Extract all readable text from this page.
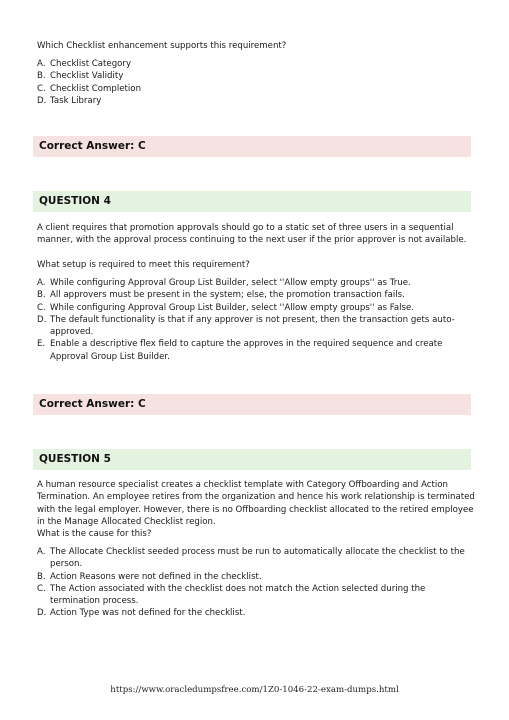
Which Checklist enhancement supports this requirement?

A. Checklist Category
B. Checklist Validity
C. Checklist Completion
D. Task Library
Correct Answer: C
QUESTION 4

A client requires that promotion approvals should go to a static set of three users in a sequential manner, with the approval process continuing to the next user if the prior approver is not available.

What setup is required to meet this requirement?

A. While configuring Approval Group List Builder, select ''Allow empty groups'' as True.
B. All approvers must be present in the system; else, the promotion transaction fails.
C. While configuring Approval Group List Builder, select ''Allow empty groups'' as False.
D. The default functionality is that if any approver is not present, then the transaction gets auto-approved.
E. Enable a descriptive flex field to capture the approves in the required sequence and create Approval Group List Builder.
Correct Answer: C
QUESTION 5

A human resource specialist creates a checklist template with Category Offboarding and Action Termination. An employee retires from the organization and hence his work relationship is terminated with the legal employer. However, there is no Offboarding checklist allocated to the retired employee in the Manage Allocated Checklist region.

What is the cause for this?

A. The Allocate Checklist seeded process must be run to automatically allocate the checklist to the person.
B. Action Reasons were not defined in the checklist.
C. The Action associated with the checklist does not match the Action selected during the termination process.
D. Action Type was not defined for the checklist.
https://www.oracledumpsfree.com/1Z0-1046-22-exam-dumps.html
